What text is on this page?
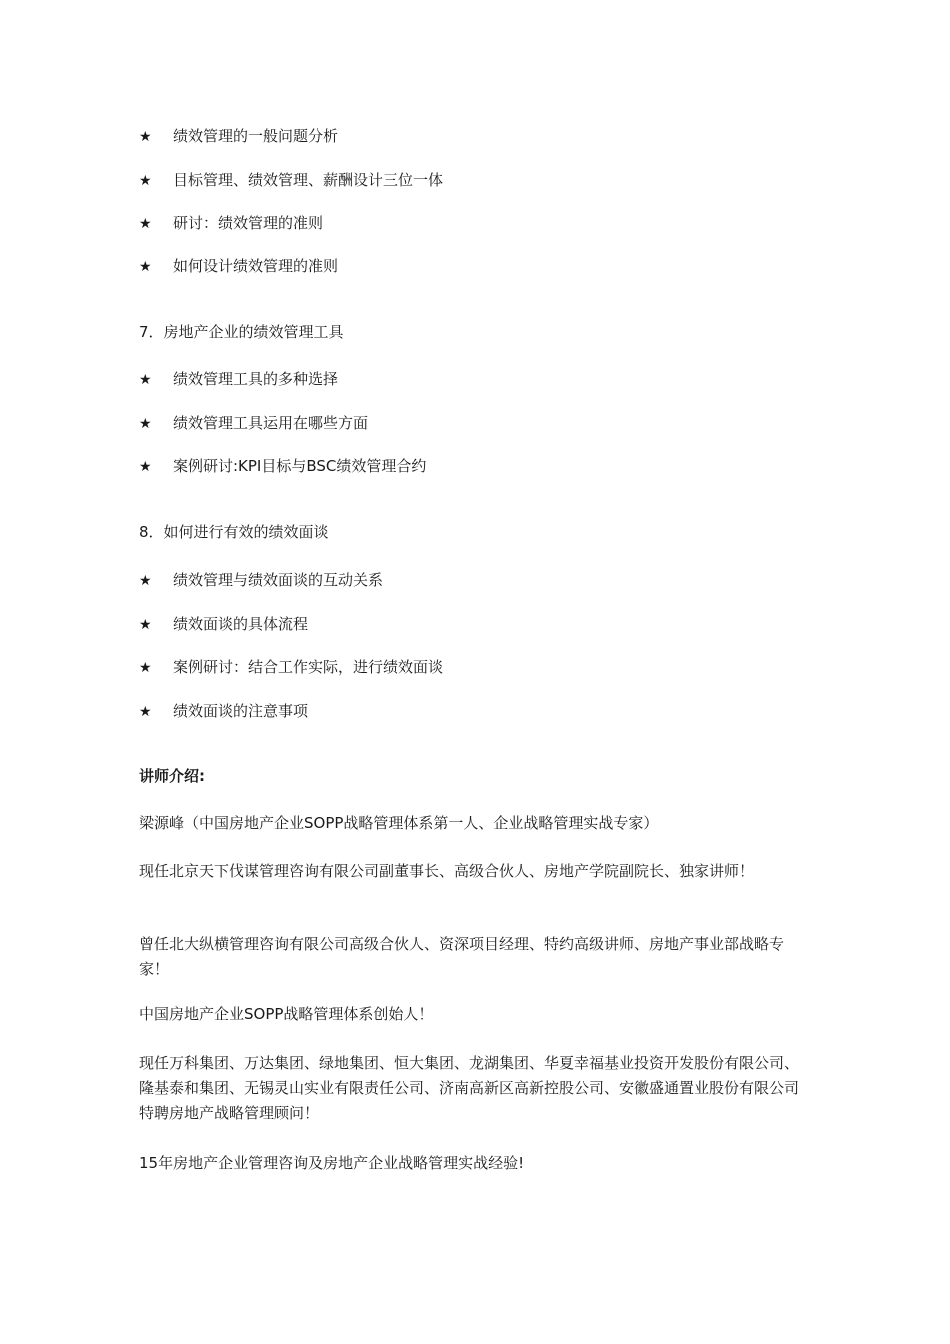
★ 绩效管理的一般问题分析
★ 目标管理、绩效管理、薪酬设计三位一体
★ 研讨：绩效管理的准则
★ 如何设计绩效管理的准则
7．房地产企业的绩效管理工具
★ 绩效管理工具的多种选择
★ 绩效管理工具运用在哪些方面
★ 案例研讨:KPI目标与BSC绩效管理合约
8．如何进行有效的绩效面谈
★ 绩效管理与绩效面谈的互动关系
★ 绩效面谈的具体流程
★ 案例研讨：结合工作实际，进行绩效面谈
★ 绩效面谈的注意事项
讲师介绍:
梁源峰（中国房地产企业SOPP战略管理体系第一人、企业战略管理实战专家）
现任北京天下伐谋管理咨询有限公司副董事长、高级合伙人、房地产学院副院长、独家讲师！
曾任北大纵横管理咨询有限公司高级合伙人、资深项目经理、特约高级讲师、房地产事业部战略专家！
中国房地产企业SOPP战略管理体系创始人！
现任万科集团、万达集团、绿地集团、恒大集团、龙湖集团、华夏幸福基业投资开发股份有限公司、隆基泰和集团、无锡灵山实业有限责任公司、济南高新区高新控股公司、安徽盛通置业股份有限公司特聘房地产战略管理顾问！
15年房地产企业管理咨询及房地产企业战略管理实战经验!
